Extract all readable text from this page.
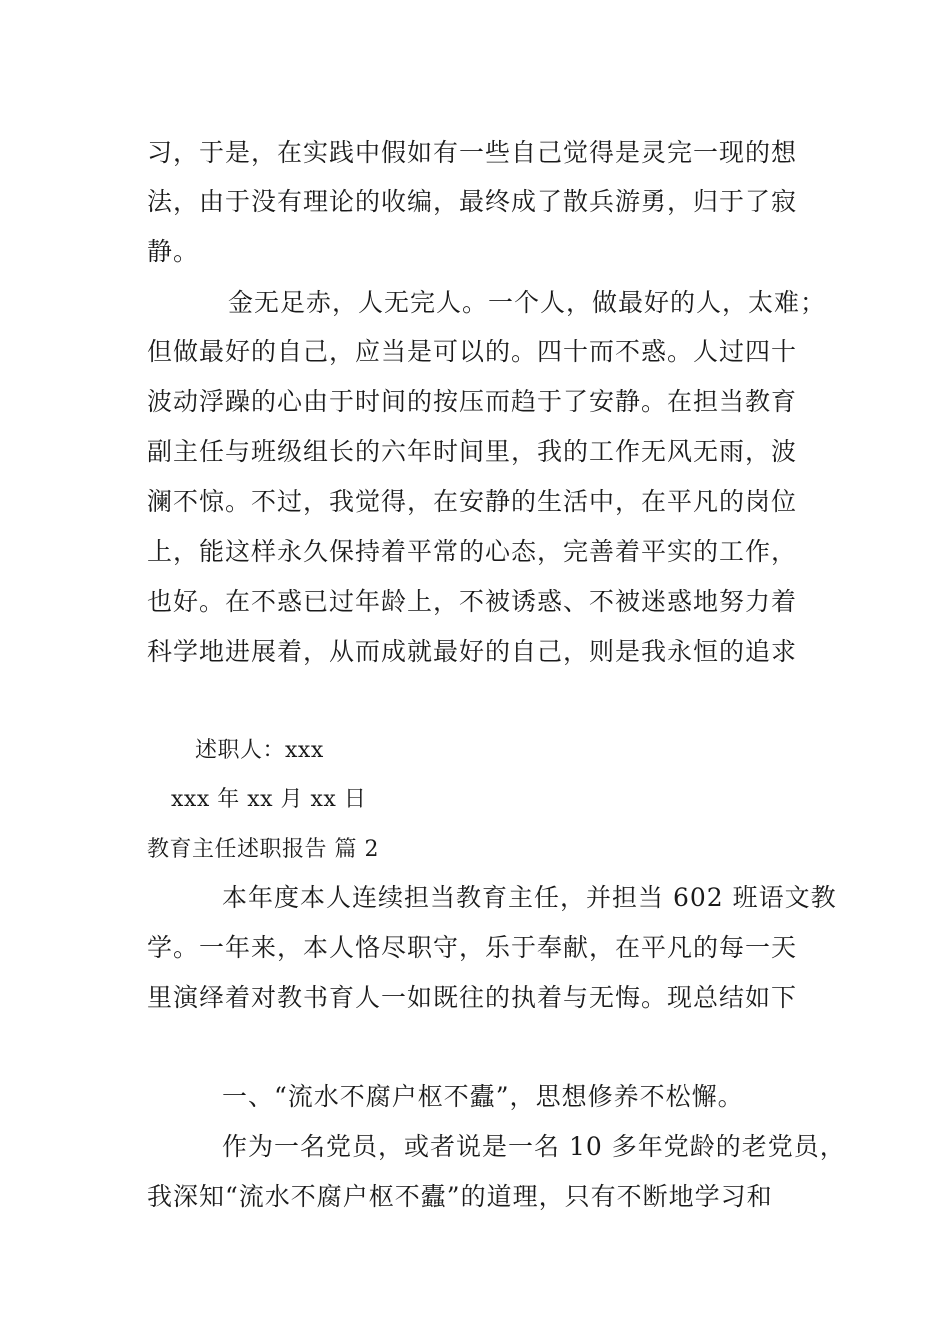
习，于是，在实践中假如有一些自己觉得是灵完一现的想
法，由于没有理论的收编，最终成了散兵游勇，归于了寂
静。
金无足赤，人无完人。一个人，做最好的人，太难；
但做最好的自己，应当是可以的。四十而不惑。人过四十
波动浮躁的心由于时间的按压而趋于了安静。在担当教育
副主任与班级组长的六年时间里，我的工作无风无雨，波
澜不惊。不过，我觉得，在安静的生活中，在平凡的岗位
上，能这样永久保持着平常的心态，完善着平实的工作，
也好。在不惑已过年龄上，不被诱惑、不被迷惑地努力着
科学地进展着，从而成就最好的自己，则是我永恒的追求
述职人：xxx
xxx 年 xx 月 xx 日
教育主任述职报告 篇 2
本年度本人连续担当教育主任，并担当 602 班语文教
学。一年来，本人恪尽职守，乐于奉献，在平凡的每一天
里演绎着对教书育人一如既往的执着与无悔。现总结如下
一、“流水不腐户枢不蠹”，思想修养不松懈。
作为一名党员，或者说是一名 10 多年党龄的老党员，
我深知“流水不腐户枢不蠹”的道理，只有不断地学习和
